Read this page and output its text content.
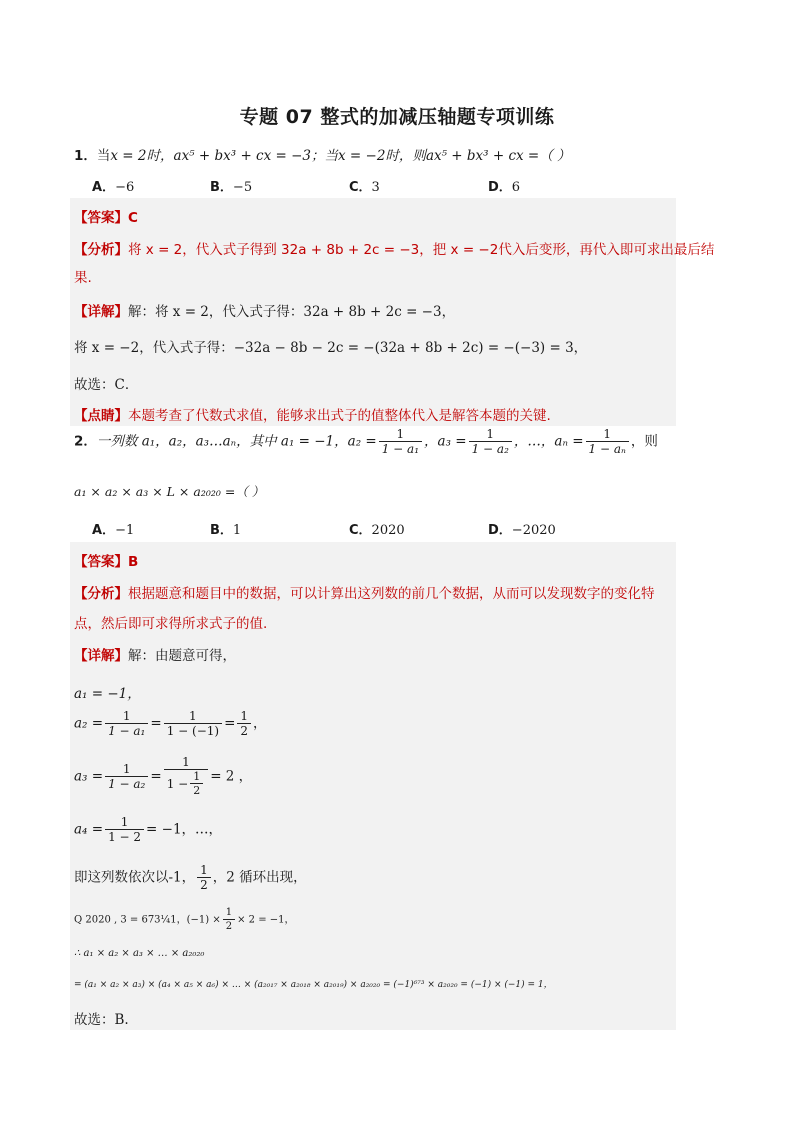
专题 07 整式的加减压轴题专项训练
1．当x = 2时，ax⁵ + bx³ + cx = −3；当x = −2时，则ax⁵ + bx³ + cx =（ ）
A．−6	B．−5	C．3	D．6
【答案】C
【分析】将 x = 2，代入式子得到 32a + 8b + 2c = −3，把 x = −2代入后变形，再代入即可求出最后结
果.
【详解】解：将 x = 2，代入式子得：32a + 8b + 2c = −3，
将 x = −2，代入式子得：−32a − 8b − 2c = −(32a + 8b + 2c) = −(−3) = 3，
故选：C．
【点睛】本题考查了代数式求值，能够求出式子的值整体代入是解答本题的关键.
2．一列数 a₁，a₂，a₃…aₙ，其中 a₁ = −1，$a_2 = \frac{1}{\text{1 − a₁}}$ ，$a_3 = \frac{1}{\text{1 − a₂}}$ ，…，$a_n = \frac{1}{\text{1 − aₙ}}$ ，则
a₁ × a₂ × a₃ × L × a₂₀₂₀ =（ ）
A．−1	B．1	C．2020	D．−2020
【答案】B
【分析】根据题意和题目中的数据，可以计算出这列数的前几个数据，从而可以发现数字的变化特
点，然后即可求得所求式子的值.
【详解】解：由题意可得，
a₁ = −1，
$a_2 = \frac{1}{\text{1 − a₁}} = \frac{1}{1 - (-1)} = \frac{1}{2}$ ，
$a_3 = \frac{1}{\text{1 − a₂}} = \frac{1}{1 - \frac{1}{2}} = 2$ ，
$a_4 = \frac{1}{1 - 2} = -1$，…，
即这列数依次以-1， $\frac{1}{2}$ ，2 循环出现，
Q 2020 , 3 = 673¼1，$(-1) \times \frac{1}{2} \times 2 = -1$，
∴ a₁ × a₂ × a₃ × … × a₂₀₂₀
= (a₁ × a₂ × a₃) × (a₄ × a₅ × a₆) × … × (a₂₀₁₇ × a₂₀₁₈ × a₂₀₁₉) × a₂₀₂₀ = (−1)⁶⁷³ × a₂₀₂₀ = (−1) × (−1) = 1，
故选：B.
